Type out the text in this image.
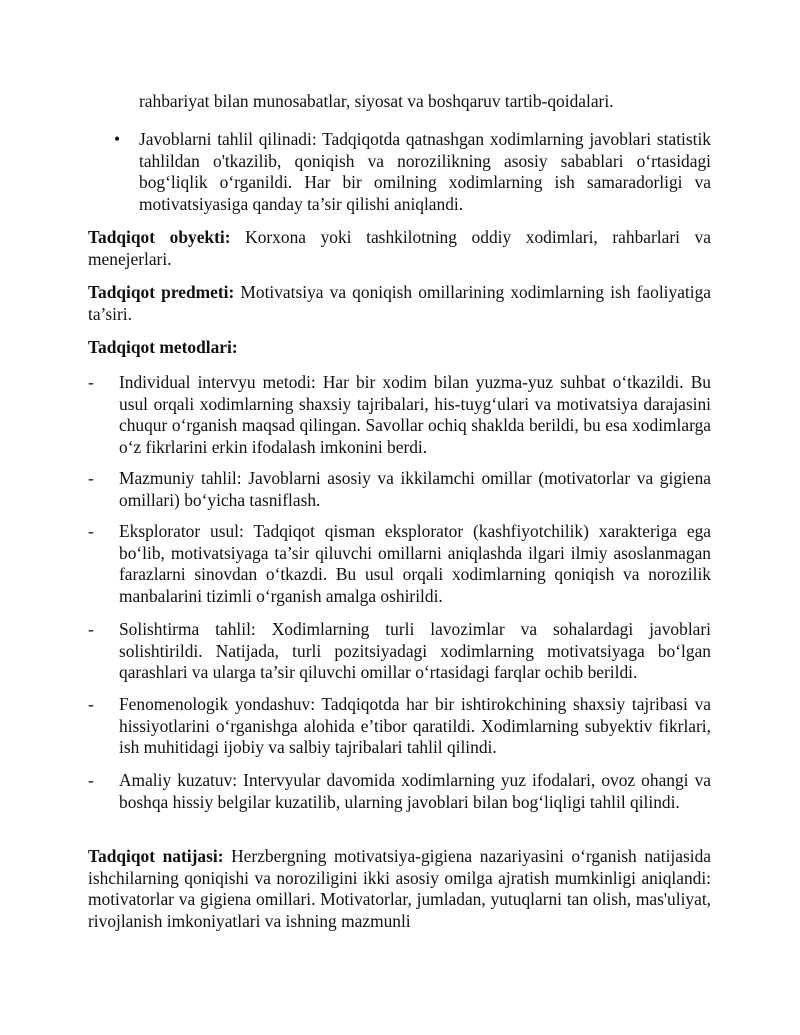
rahbariyat bilan munosabatlar, siyosat va boshqaruv tartib-qoidalari.
•	Javoblarni tahlil qilinadi: Tadqiqotda qatnashgan xodimlarning javoblari statistik tahlildan o'tkazilib, qoniqish va norozilikning asosiy sabablari o‘rtasidagi bog‘liqlik o‘rganildi. Har bir omilning xodimlarning ish samaradorligi va motivatsiyasiga qanday ta’sir qilishi aniqlandi.
Tadqiqot obyekti: Korxona yoki tashkilotning oddiy xodimlari, rahbarlari va menejerlari.
Tadqiqot predmeti: Motivatsiya va qoniqish omillarining xodimlarning ish faoliyatiga ta’siri.
Tadqiqot metodlari:
-	Individual intervyu metodi: Har bir xodim bilan yuzma-yuz suhbat o‘tkazildi. Bu usul orqali xodimlarning shaxsiy tajribalari, his-tuyg‘ulari va motivatsiya darajasini chuqur o‘rganish maqsad qilingan. Savollar ochiq shaklda berildi, bu esa xodimlarga o‘z fikrlarini erkin ifodalash imkonini berdi.
-	Mazmuniy tahlil: Javoblarni asosiy va ikkilamchi omillar (motivatorlar va gigiena omillari) bo‘yicha tasniflash.
-	Eksplorator usul: Tadqiqot qisman eksplorator (kashfiyotchilik) xarakteriga ega bo‘lib, motivatsiyaga ta’sir qiluvchi omillarni aniqlashda ilgari ilmiy asoslanmagan farazlarni sinovdan o‘tkazdi. Bu usul orqali xodimlarning qoniqish va norozilik manbalarini tizimli o‘rganish amalga oshirildi.
-	Solishtirma tahlil: Xodimlarning turli lavozimlar va sohalardagi javoblari solishtirildi. Natijada, turli pozitsiyadagi xodimlarning motivatsiyaga bo‘lgan qarashlari va ularga ta’sir qiluvchi omillar o‘rtasidagi farqlar ochib berildi.
-	Fenomenologik yondashuv: Tadqiqotda har bir ishtirokchining shaxsiy tajribasi va hissiyotlarini o‘rganishga alohida e’tibor qaratildi. Xodimlarning subyektiv fikrlari, ish muhitidagi ijobiy va salbiy tajribalari tahlil qilindi.
-	Amaliy kuzatuv: Intervyular davomida xodimlarning yuz ifodalari, ovoz ohangi va boshqa hissiy belgilar kuzatilib, ularning javoblari bilan bog‘liqligi tahlil qilindi.
Tadqiqot natijasi: Herzbergning motivatsiya-gigiena nazariyasini o‘rganish natijasida ishchilarning qoniqishi va noroziligini ikki asosiy omilga ajratish mumkinligi aniqlandi: motivatorlar va gigiena omillari. Motivatorlar, jumladan, yutuqlarni tan olish, mas'uliyat, rivojlanish imkoniyatlari va ishning mazmunli
